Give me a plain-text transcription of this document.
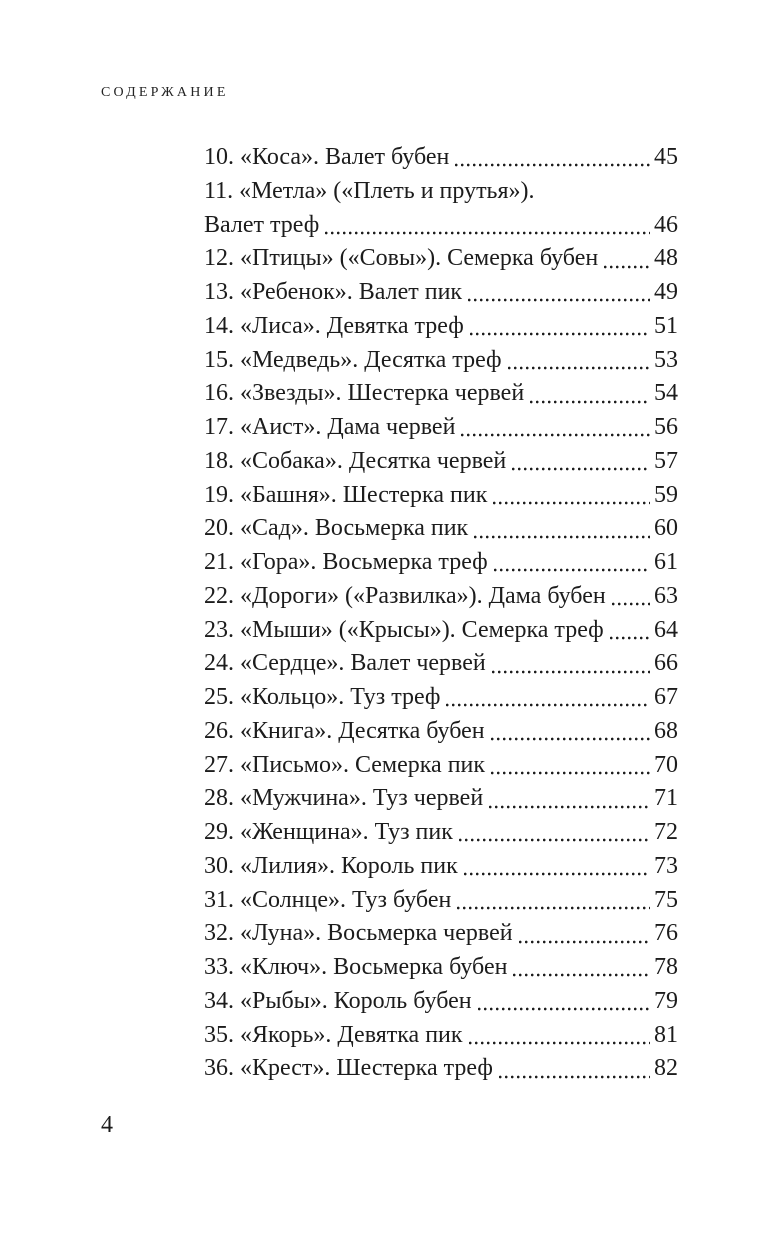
СОДЕРЖАНИЕ
10. «Коса». Валет бубен	45
11. «Метла» («Плеть и прутья»).
Валет треф	46
12. «Птицы» («Совы»). Семерка бубен 48
13. «Ребенок». Валет пик	49
14. «Лиса». Девятка треф	51
15. «Медведь». Десятка треф	53
16. «Звезды». Шестерка червей	54
17. «Аист». Дама червей	56
18. «Собака». Десятка червей	57
19. «Башня». Шестерка пик	59
20. «Сад». Восьмерка пик	60
21. «Гора». Восьмерка треф	61
22. «Дороги» («Развилка»). Дама бубен 63
23. «Мыши» («Крысы»). Семерка треф 64
24. «Сердце». Валет червей	66
25. «Кольцо». Туз треф	67
26. «Книга». Десятка бубен	68
27. «Письмо». Семерка пик	70
28. «Мужчина». Туз червей	71
29. «Женщина». Туз пик	72
30. «Лилия». Король пик	73
31. «Солнце». Туз бубен	75
32. «Луна». Восьмерка червей	76
33. «Ключ». Восьмерка бубен	78
34. «Рыбы». Король бубен	79
35. «Якорь». Девятка пик	81
36. «Крест». Шестерка треф	82
4
